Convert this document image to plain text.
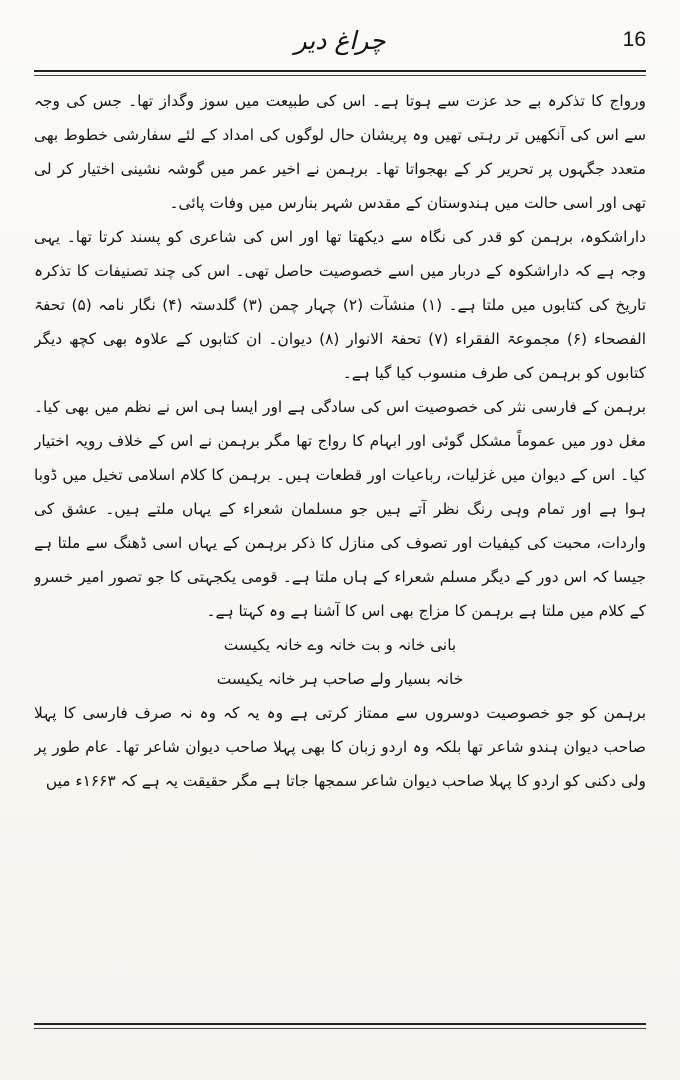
چراغ دیر	16

ورواج کا تذکرہ بے حد عزت سے ہوتا ہے۔ اس کی طبیعت میں سوز وگداز تھا۔ جس کی وجہ سے اس کی آنکھیں تر رہتی تھیں وہ پریشان حال لوگوں کی امداد کے لئے سفارشی خطوط بھی متعدد جگہوں پر تحریر کر کے بھجواتا تھا۔ برہمن نے اخیر عمر میں گوشہ نشینی اختیار کر لی تھی اور اسی حالت میں ہندوستان کے مقدس شہر بنارس میں وفات پائی۔

داراشکوہ، برہمن کو قدر کی نگاہ سے دیکھتا تھا اور اس کی شاعری کو پسند کرتا تھا۔ یہی وجہ ہے کہ داراشکوہ کے دربار میں اسے خصوصیت حاصل تھی۔ اس کی چند تصنیفات کا تذکرہ تاریخ کی کتابوں میں ملتا ہے۔ (۱) منشآت (۲) چہار چمن (۳) گلدستہ (۴) نگار نامہ (۵) تحفۃ الفصحاء (۶) مجموعۃ الفقراء (۷) تحفۃ الانوار (۸) دیوان۔ ان کتابوں کے علاوہ بھی کچھ دیگر کتابوں کو برہمن کی طرف منسوب کیا گیا ہے۔

برہمن کے فارسی نثر کی خصوصیت اس کی سادگی ہے اور ایسا ہی اس نے نظم میں بھی کیا۔ مغل دور میں عموماً مشکل گوئی اور ابہام کا رواج تھا مگر برہمن نے اس کے خلاف رویہ اختیار کیا۔ اس کے دیوان میں غزلیات، رباعیات اور قطعات ہیں۔ برہمن کا کلام اسلامی تخیل میں ڈوبا ہوا ہے اور تمام وہی رنگ نظر آتے ہیں جو مسلمان شعراء کے یہاں ملتے ہیں۔ عشق کی واردات، محبت کی کیفیات اور تصوف کی منازل کا ذکر برہمن کے یہاں اسی ڈھنگ سے ملتا ہے جیسا کہ اس دور کے دیگر مسلم شعراء کے ہاں ملتا ہے۔ قومی یکجہتی کا جو تصور امیر خسرو کے کلام میں ملتا ہے برہمن کا مزاج بھی اس کا آشنا ہے وہ کہتا ہے۔

بانی خانہ و بت خانہ وے خانہ یکیست

خانہ بسیار ولے صاحب ہر خانہ یکیست

برہمن کو جو خصوصیت دوسروں سے ممتاز کرتی ہے وہ یہ کہ وہ نہ صرف فارسی کا پہلا صاحب دیوان ہندو شاعر تھا بلکہ وہ اردو زبان کا بھی پہلا صاحب دیوان شاعر تھا۔ عام طور پر ولی دکنی کو اردو کا پہلا صاحب دیوان شاعر سمجھا جاتا ہے مگر حقیقت یہ ہے کہ ۱۶۶۳ء میں
